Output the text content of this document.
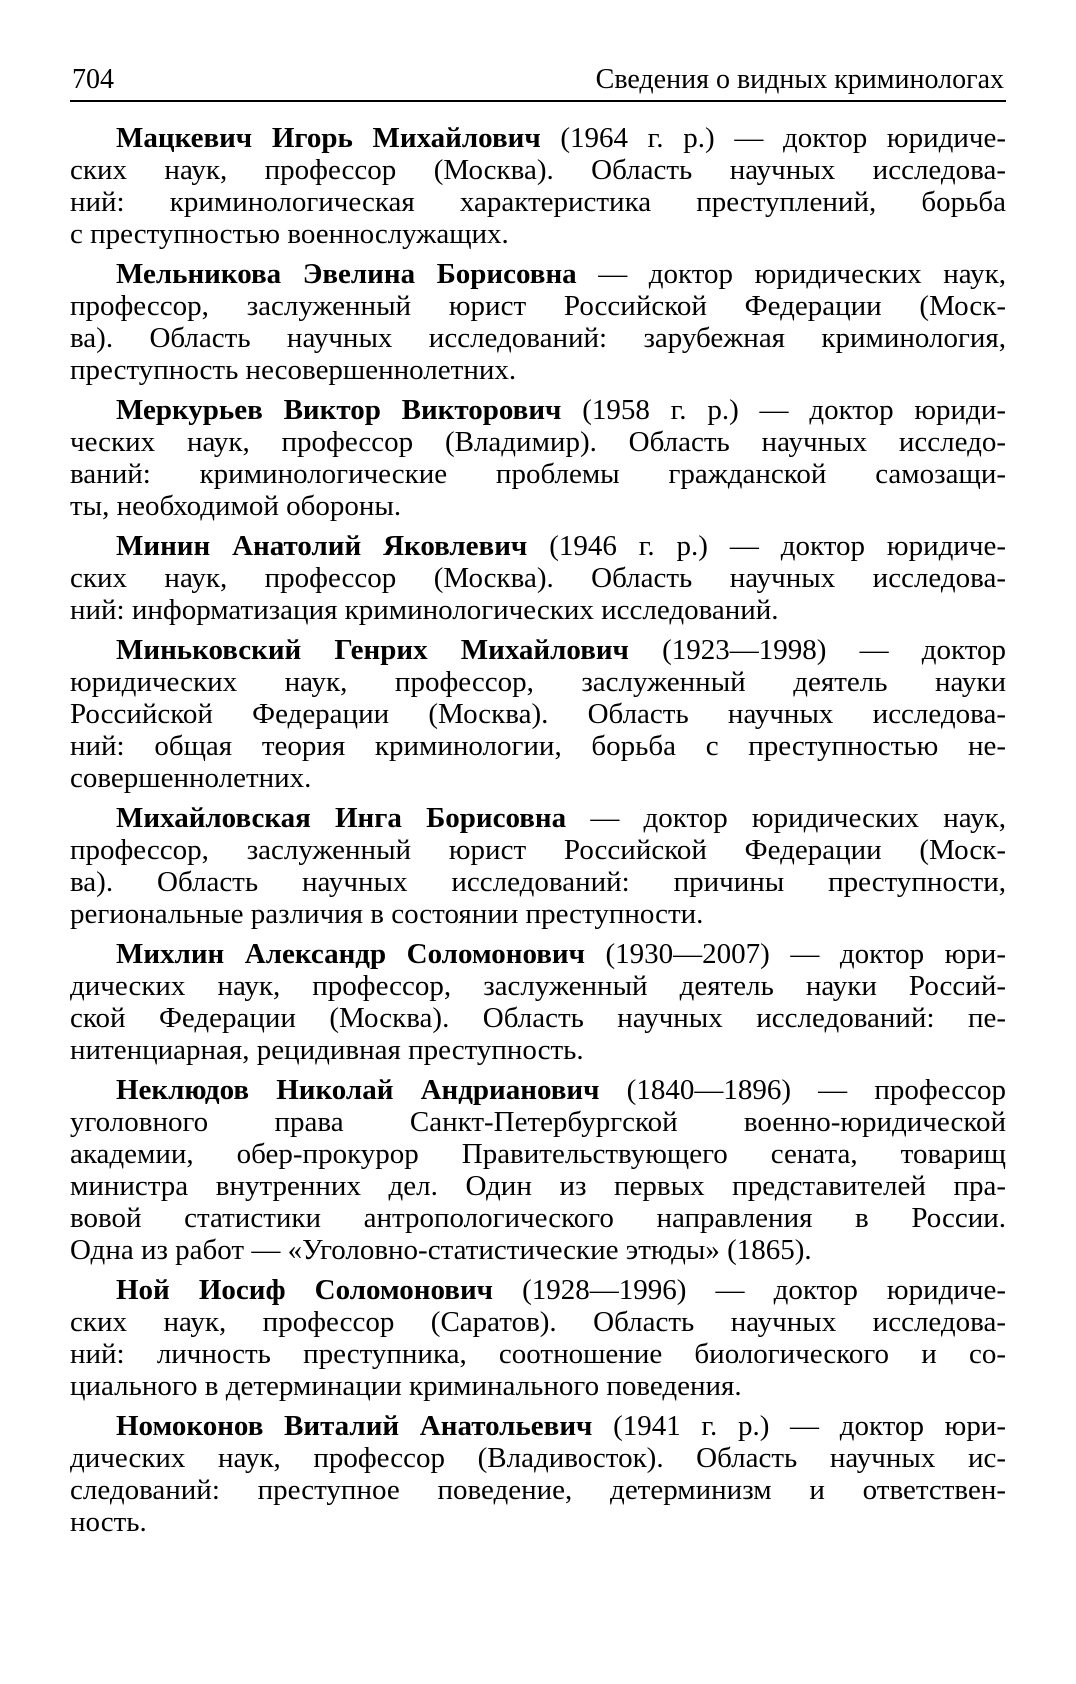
704	Сведения о видных криминологах
Мацкевич Игорь Михайлович (1964 г. р.) — доктор юридиче-
ских наук, профессор (Москва). Область научных исследова-
ний: криминологическая характеристика преступлений, борьба
с преступностью военнослужащих.
Мельникова Эвелина Борисовна — доктор юридических наук,
профессор, заслуженный юрист Российской Федерации (Моск-
ва). Область научных исследований: зарубежная криминология,
преступность несовершеннолетних.
Меркурьев Виктор Викторович (1958 г. р.) — доктор юриди-
ческих наук, профессор (Владимир). Область научных исследо-
ваний: криминологические проблемы гражданской самозащи-
ты, необходимой обороны.
Минин Анатолий Яковлевич (1946 г. р.) — доктор юридиче-
ских наук, профессор (Москва). Область научных исследова-
ний: информатизация криминологических исследований.
Миньковский Генрих Михайлович (1923—1998) — доктор
юридических наук, профессор, заслуженный деятель науки
Российской Федерации (Москва). Область научных исследова-
ний: общая теория криминологии, борьба с преступностью не-
совершеннолетних.
Михайловская Инга Борисовна — доктор юридических наук,
профессор, заслуженный юрист Российской Федерации (Моск-
ва). Область научных исследований: причины преступности,
региональные различия в состоянии преступности.
Михлин Александр Соломонович (1930—2007) — доктор юри-
дических наук, профессор, заслуженный деятель науки Россий-
ской Федерации (Москва). Область научных исследований: пе-
нитенциарная, рецидивная преступность.
Неклюдов Николай Андрианович (1840—1896) — профессор
уголовного права Санкт-Петербургской военно-юридической
академии, обер-прокурор Правительствующего сената, товарищ
министра внутренних дел. Один из первых представителей пра-
вовой статистики антропологического направления в России.
Одна из работ — «Уголовно-статистические этюды» (1865).
Ной Иосиф Соломонович (1928—1996) — доктор юридиче-
ских наук, профессор (Саратов). Область научных исследова-
ний: личность преступника, соотношение биологического и со-
циального в детерминации криминального поведения.
Номоконов Виталий Анатольевич (1941 г. р.) — доктор юри-
дических наук, профессор (Владивосток). Область научных ис-
следований: преступное поведение, детерминизм и ответствен-
ность.
